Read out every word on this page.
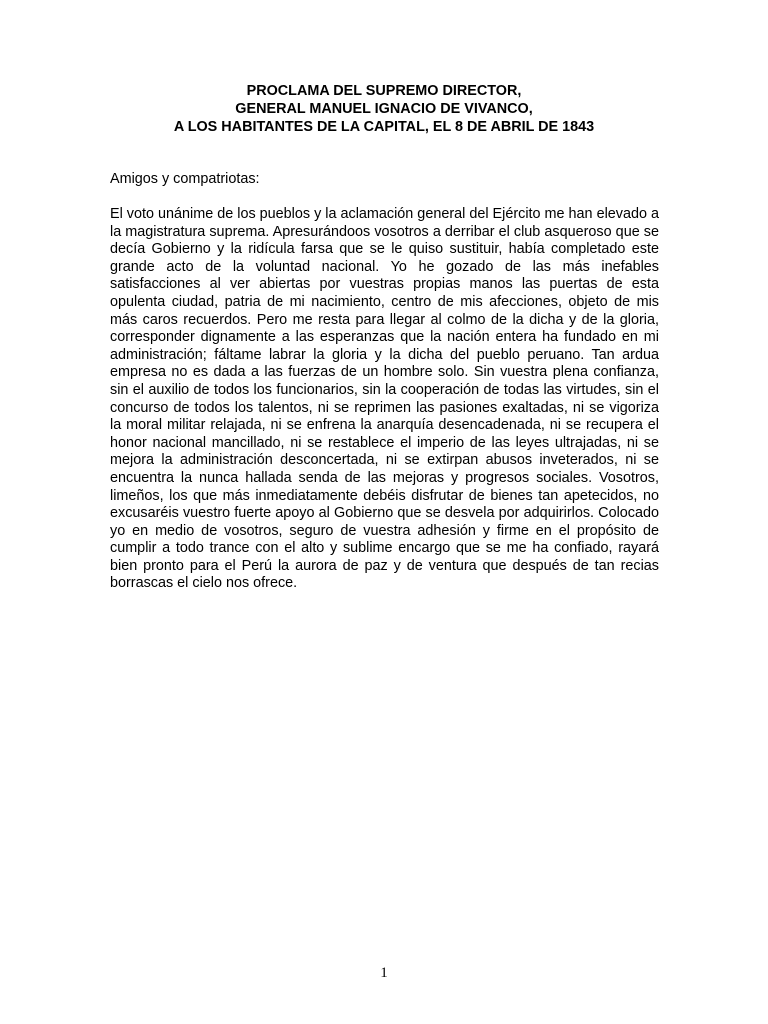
PROCLAMA DEL SUPREMO DIRECTOR,
GENERAL MANUEL IGNACIO DE VIVANCO,
A LOS HABITANTES DE LA CAPITAL, EL 8 DE ABRIL DE 1843
Amigos y compatriotas:

El voto unánime de los pueblos y la aclamación general del Ejército me han elevado a la magistratura suprema. Apresurándoos vosotros a derribar el club asqueroso que se decía Gobierno y la ridícula farsa que se le quiso sustituir, había completado este grande acto de la voluntad nacional. Yo he gozado de las más inefables satisfacciones al ver abiertas por vuestras propias manos las puertas de esta opulenta ciudad, patria de mi nacimiento, centro de mis afecciones, objeto de mis más caros recuerdos. Pero me resta para llegar al colmo de la dicha y de la gloria, corresponder dignamente a las esperanzas que la nación entera ha fundado en mi administración; fáltame labrar la gloria y la dicha del pueblo peruano. Tan ardua empresa no es dada a las fuerzas de un hombre solo. Sin vuestra plena confianza, sin el auxilio de todos los funcionarios, sin la cooperación de todas las virtudes, sin el concurso de todos los talentos, ni se reprimen las pasiones exaltadas, ni se vigoriza la moral militar relajada, ni se enfrena la anarquía desencadenada, ni se recupera el honor nacional mancillado, ni se restablece el imperio de las leyes ultrajadas, ni se mejora la administración desconcertada, ni se extirpan abusos inveterados, ni se encuentra la nunca hallada senda de las mejoras y progresos sociales. Vosotros, limeños, los que más inmediatamente debéis disfrutar de bienes tan apetecidos, no excusaréis vuestro fuerte apoyo al Gobierno que se desvela por adquirirlos. Colocado yo en medio de vosotros, seguro de vuestra adhesión y firme en el propósito de cumplir a todo trance con el alto y sublime encargo que se me ha confiado, rayará bien pronto para el Perú la aurora de paz y de ventura que después de tan recias borrascas el cielo nos ofrece.

1
